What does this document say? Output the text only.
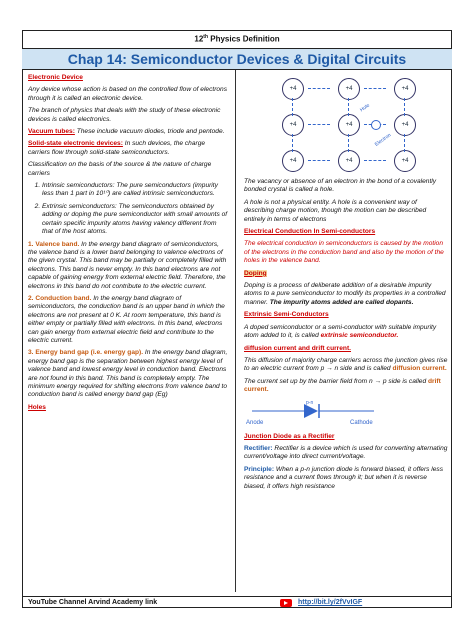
12th Physics Definition
Chap 14: Semiconductor Devices & Digital Circuits

Electronic Device

Any device whose action is based on the controlled flow of electrons through it is called an electronic device.

The branch of physics that deals with the study of these electronic devices is called electronics.

Vacuum tubes: These include vacuum diodes, triode and pentode.

Solid-state electronic devices: In such devices, the charge carriers flow through solid-state semiconductors.

Classification on the basis of the source & the nature of charge carriers

1. Intrinsic semiconductors: The pure semiconductors (impurity less than 1 part in 10¹⁰) are called intrinsic semiconductors.
2. Extrinsic semiconductors: The semiconductors obtained by adding or doping the pure semiconductor with small amounts of certain specific impurity atoms having valency different from that of the host atoms.

1. Valence band. In the energy band diagram of semiconductors, the valence band is a lower band belonging to valence electrons of the given crystal. This band may be partially or completely filled with electrons. This band is never empty. In this band electrons are not capable of gaining energy from external electric field. Therefore, the electrons in this band do not contribute to the electric current.

2. Conduction band. In the energy band diagram of semiconductors, the conduction band is an upper band in which the electrons are not present at 0 K. At room temperature, this band is either empty or partially filled with electrons. In this band, electrons can gain energy from external electric field and contribute to the electric current.

3. Energy band gap (i.e. energy gap). In the energy band diagram, energy band gap is the separation between highest energy level of valence band and lowest energy level in conduction band. Electrons are not found in this band. This band is completely empty. The minimum energy required for shifting electrons from valence band to conduction band is called energy band gap (Eg)

Holes

+4	+4	+4
+4	+4	+4
+4	+4	+4
Hole
Electron

The vacancy or absence of an electron in the bond of a covalently bonded crystal is called a hole.

A hole is not a physical entity. A hole is a convenient way of describing charge motion, though the motion can be described entirely in terms of electrons

Electrical Conduction In Semi-conductors

The electrical conduction in semiconductors is caused by the motion of the electrons in the conduction band and also by the motion of the holes in the valence band.

Doping

Doping is a process of deliberate addition of a desirable impurity atoms to a pure semiconductor to modify its properties in a controlled manner. The impurity atoms added are called dopants.

Extrinsic Semi-Conductors

A doped semiconductor or a semi-conductor with suitable impurity atom added to it, is called extrinsic semiconductor.

diffusion current and drift current.

This diffusion of majority charge carriers across the junction gives rise to an electric current from p → n side and is called diffusion current.

The current set up by the barrier field from n → p side is called drift current.

p-n
Anode	Cathode

Junction Diode as a Rectifier

Rectifier: Rectifier is a device which is used for converting alternating current/voltage into direct current/voltage.

Principle: When a p-n junction diode is forward biased, it offers less resistance and a current flows through it; but when it is reverse biased, it offers high resistance

YouTube Channel Arvind Academy link	http://bit.ly/2fVvIGF
